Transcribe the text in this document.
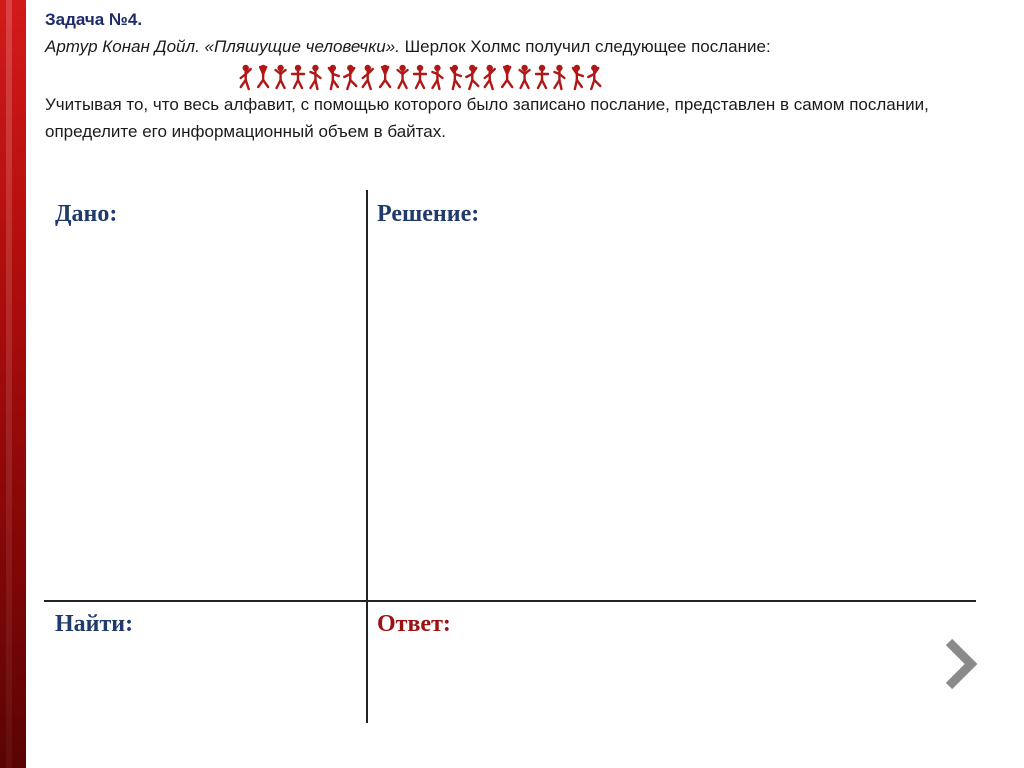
Задача №4.
Артур Конан Дойл. «Пляшущие человечки». Шерлок Холмс получил следующее послание:
Учитывая то, что весь алфавит, с помощью которого было записано послание, представлен в самом послании, определите его информационный объем в байтах.
Дано:	Решение:
Найти:	Ответ:
